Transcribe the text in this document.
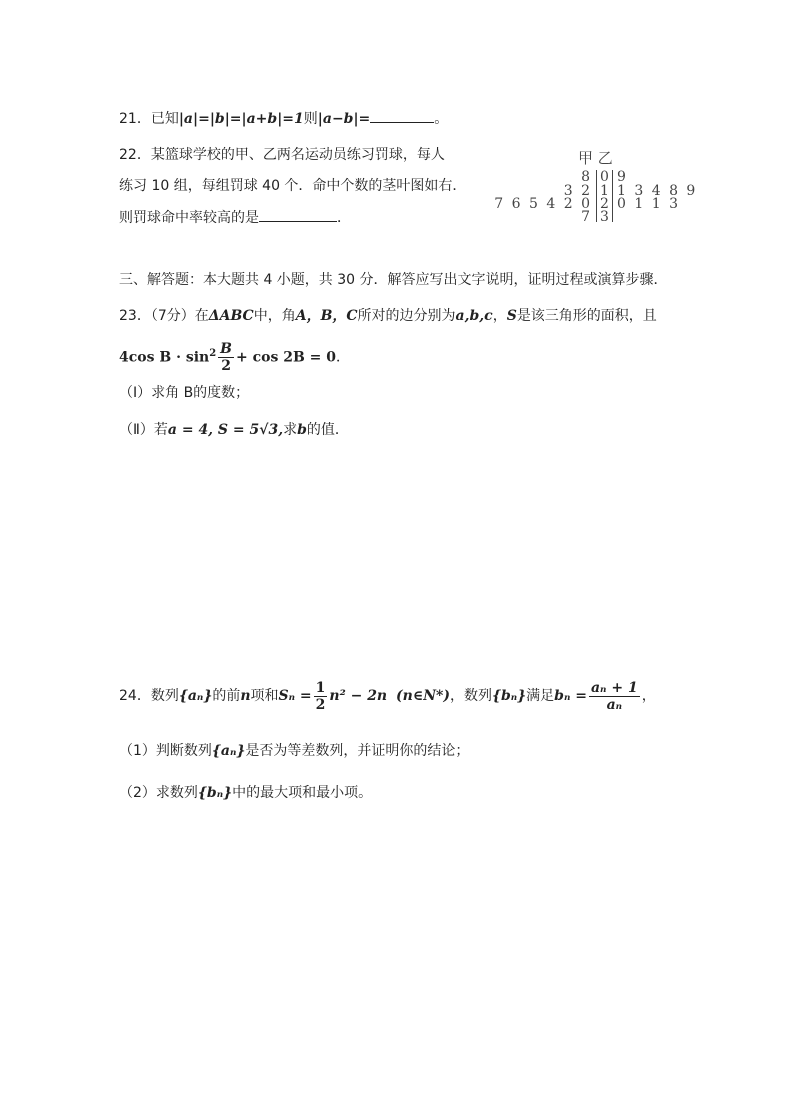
21．已知|a|=|b|=|a+b|=1则|a−b|=	。
22．某篮球学校的甲、乙两名运动员练习罚球，每人
练习 10 组，每组罚球 40 个．命中个数的茎叶图如右．
则罚球命中率较高的是	．
甲 乙
8 0 9
3 2 1 1 3 4 8 9
7 6 5 4 2 0 2 0 1 1 3
7 3
三、解答题：本大题共 4 小题，共 30 分．解答应写出文字说明，证明过程或演算步骤．
23．（7分）在ΔABC中，角A，B，C所对的边分别为a,b,c，S是该三角形的面积，且
4cos $B \cdot \sin^2 \frac{B}{2} + \cos 2B = 0$．
（Ⅰ）求角 B的度数；
（Ⅱ）若a = 4, S = 5√3,求b的值．
24．数列{aₙ}的前n项和$S_n = \frac{1}{2} n^2 - 2n$ (n∈N*)，数列{bₙ}满足$b_n = \frac{\text{aₙ + 1}}{\text{aₙ}}$ ，
（1）判断数列{aₙ}是否为等差数列，并证明你的结论；
（2）求数列{bₙ}中的最大项和最小项。
